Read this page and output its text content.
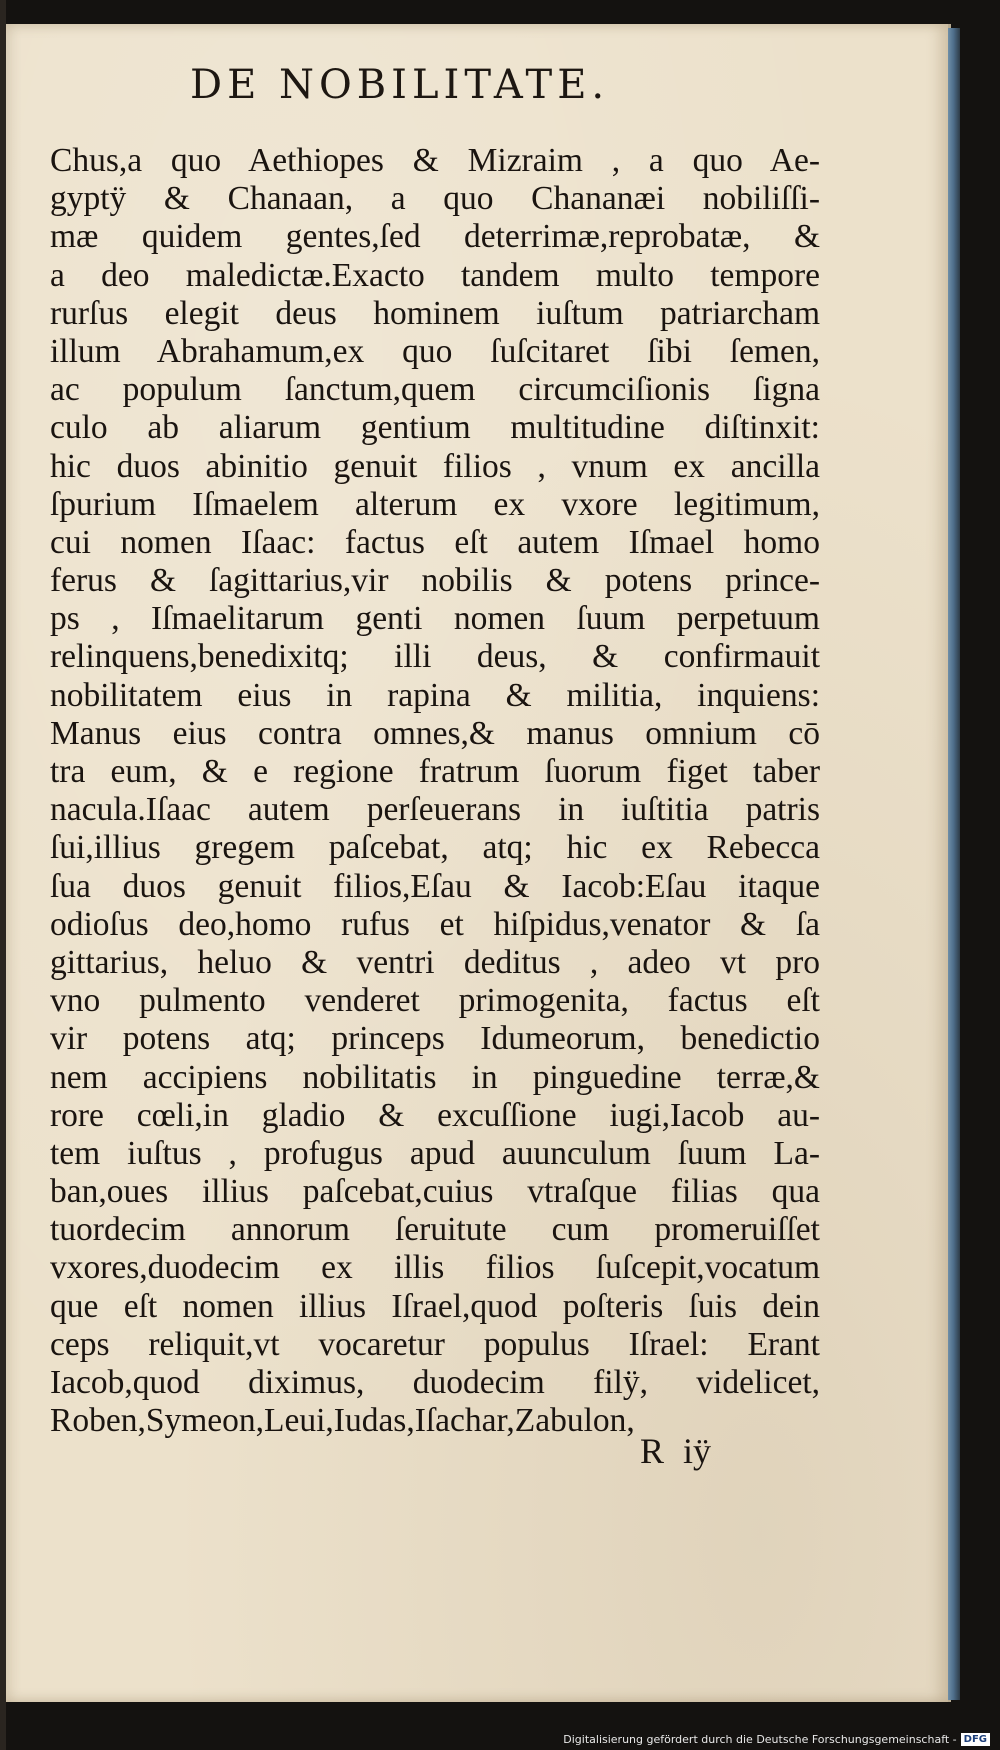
DE NOBILITATE.
Chus,a quo Aethiopes & Mizraim , a quo Ae-
gyptÿ & Chanaan, a quo Chananæi nobiliſſi-
mæ quidem gentes,ſed deterrimæ,reprobatæ, &
a deo maledictæ.Exacto tandem multo tempore
rurſus elegit deus hominem iuſtum patriarcham
illum Abrahamum,ex quo ſuſcitaret ſibi ſemen,
ac populum ſanctum,quem circumciſionis ſigna
culo ab aliarum gentium multitudine diſtinxit:
hic duos abinitio genuit filios , vnum ex ancilla
ſpurium Iſmaelem alterum ex vxore legitimum,
cui nomen Iſaac: factus eſt autem Iſmael homo
ferus & ſagittarius,vir nobilis & potens prince-
ps , Iſmaelitarum genti nomen ſuum perpetuum
relinquens,benedixitq; illi deus, & confirmauit
nobilitatem eius in rapina & militia, inquiens:
Manus eius contra omnes,& manus omnium cō
tra eum, & e regione fratrum ſuorum figet taber
nacula.Iſaac autem perſeuerans in iuſtitia patris
ſui,illius gregem paſcebat, atq; hic ex Rebecca
ſua duos genuit filios,Eſau & Iacob:Eſau itaque
odioſus deo,homo rufus et hiſpidus,venator & ſa
gittarius, heluo & ventri deditus , adeo vt pro
vno pulmento venderet primogenita, factus eſt
vir potens atq; princeps Idumeorum, benedictio
nem accipiens nobilitatis in pinguedine terræ,&
rore cœli,in gladio & excuſſione iugi,Iacob au-
tem iuſtus , profugus apud auunculum ſuum La-
ban,oues illius paſcebat,cuius vtraſque filias qua
tuordecim annorum ſeruitute cum promeruiſſet
vxores,duodecim ex illis filios ſuſcepit,vocatum
que eſt nomen illius Iſrael,quod poſteris ſuis dein
ceps reliquit,vt vocaretur populus Iſrael: Erant
Iacob,quod diximus, duodecim filÿ, videlicet,
Roben,Symeon,Leui,Iudas,Iſachar,Zabulon,
R iÿ
Digitalisierung gefördert durch die Deutsche Forschungsgemeinschaft - DFG
